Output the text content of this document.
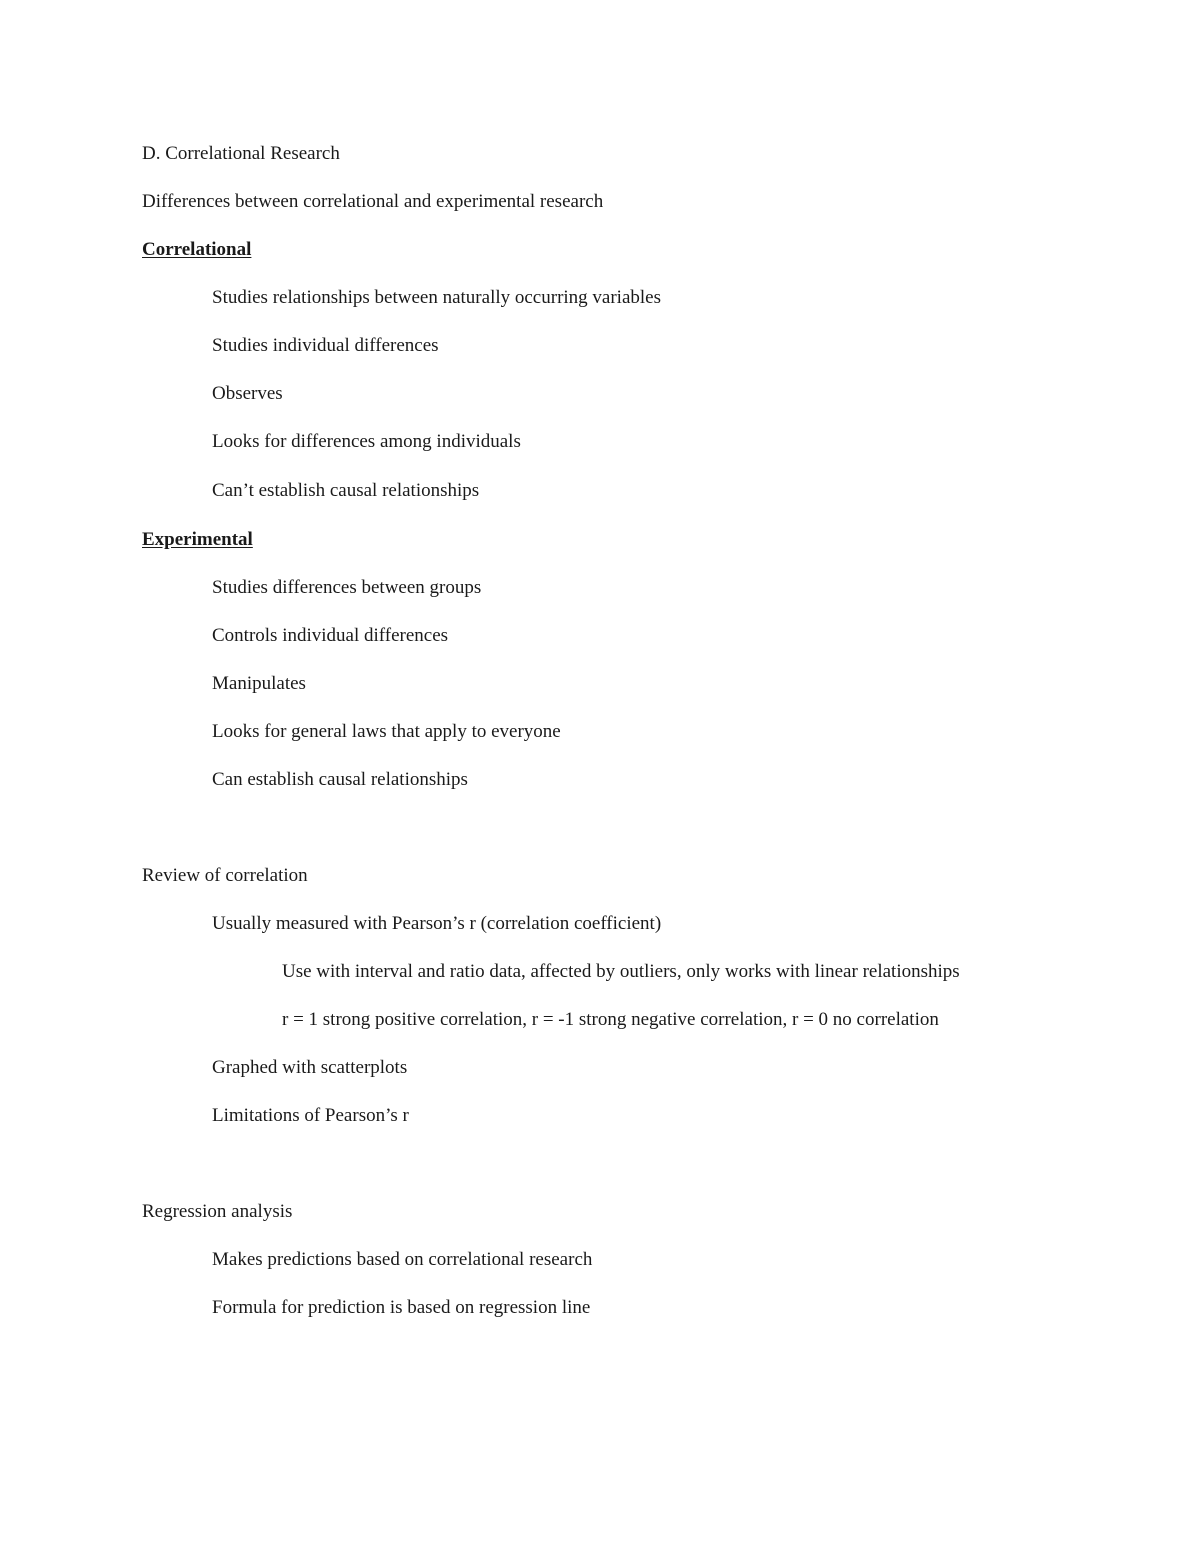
D. Correlational Research
Differences between correlational and experimental research
Correlational
Studies relationships between naturally occurring variables
Studies individual differences
Observes
Looks for differences among individuals
Can’t establish causal relationships
Experimental
Studies differences between groups
Controls individual differences
Manipulates
Looks for general laws that apply to everyone
Can establish causal relationships
Review of correlation
Usually measured with Pearson’s r (correlation coefficient)
Use with interval and ratio data, affected by outliers, only works with linear relationships
r = 1 strong positive correlation, r = -1 strong negative correlation, r = 0 no correlation
Graphed with scatterplots
Limitations of Pearson’s r
Regression analysis
Makes predictions based on correlational research
Formula for prediction is based on regression line
